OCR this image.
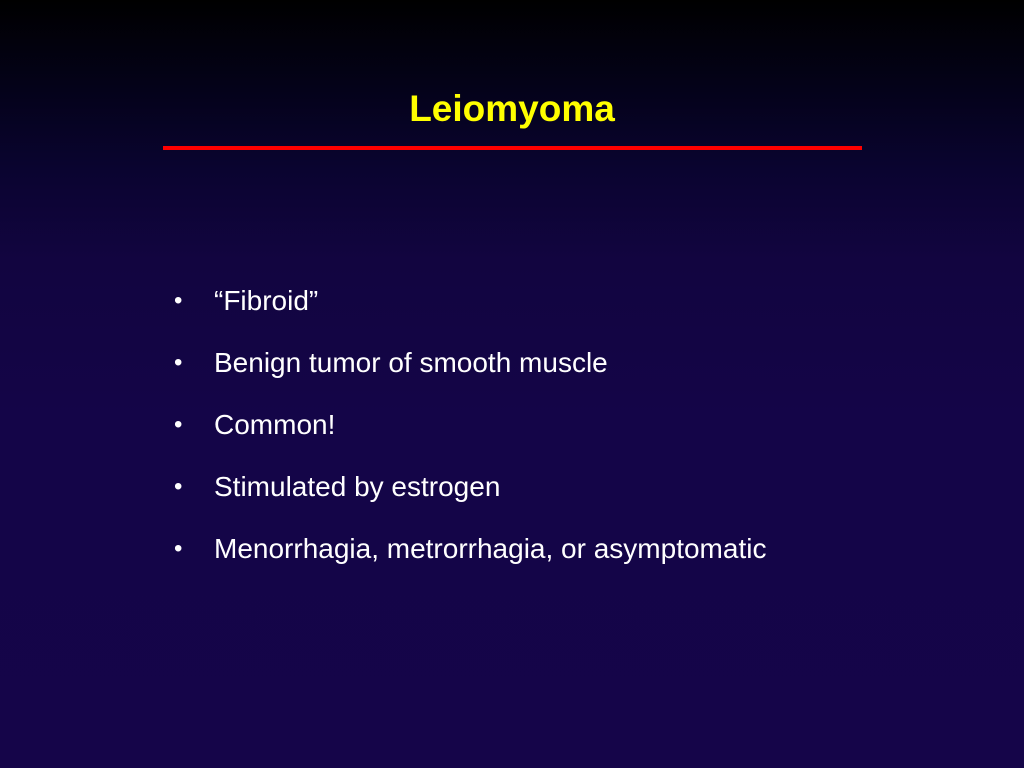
Leiomyoma
•	“Fibroid”
•	Benign tumor of smooth muscle
•	Common!
•	Stimulated by estrogen
•	Menorrhagia, metrorrhagia, or asymptomatic
